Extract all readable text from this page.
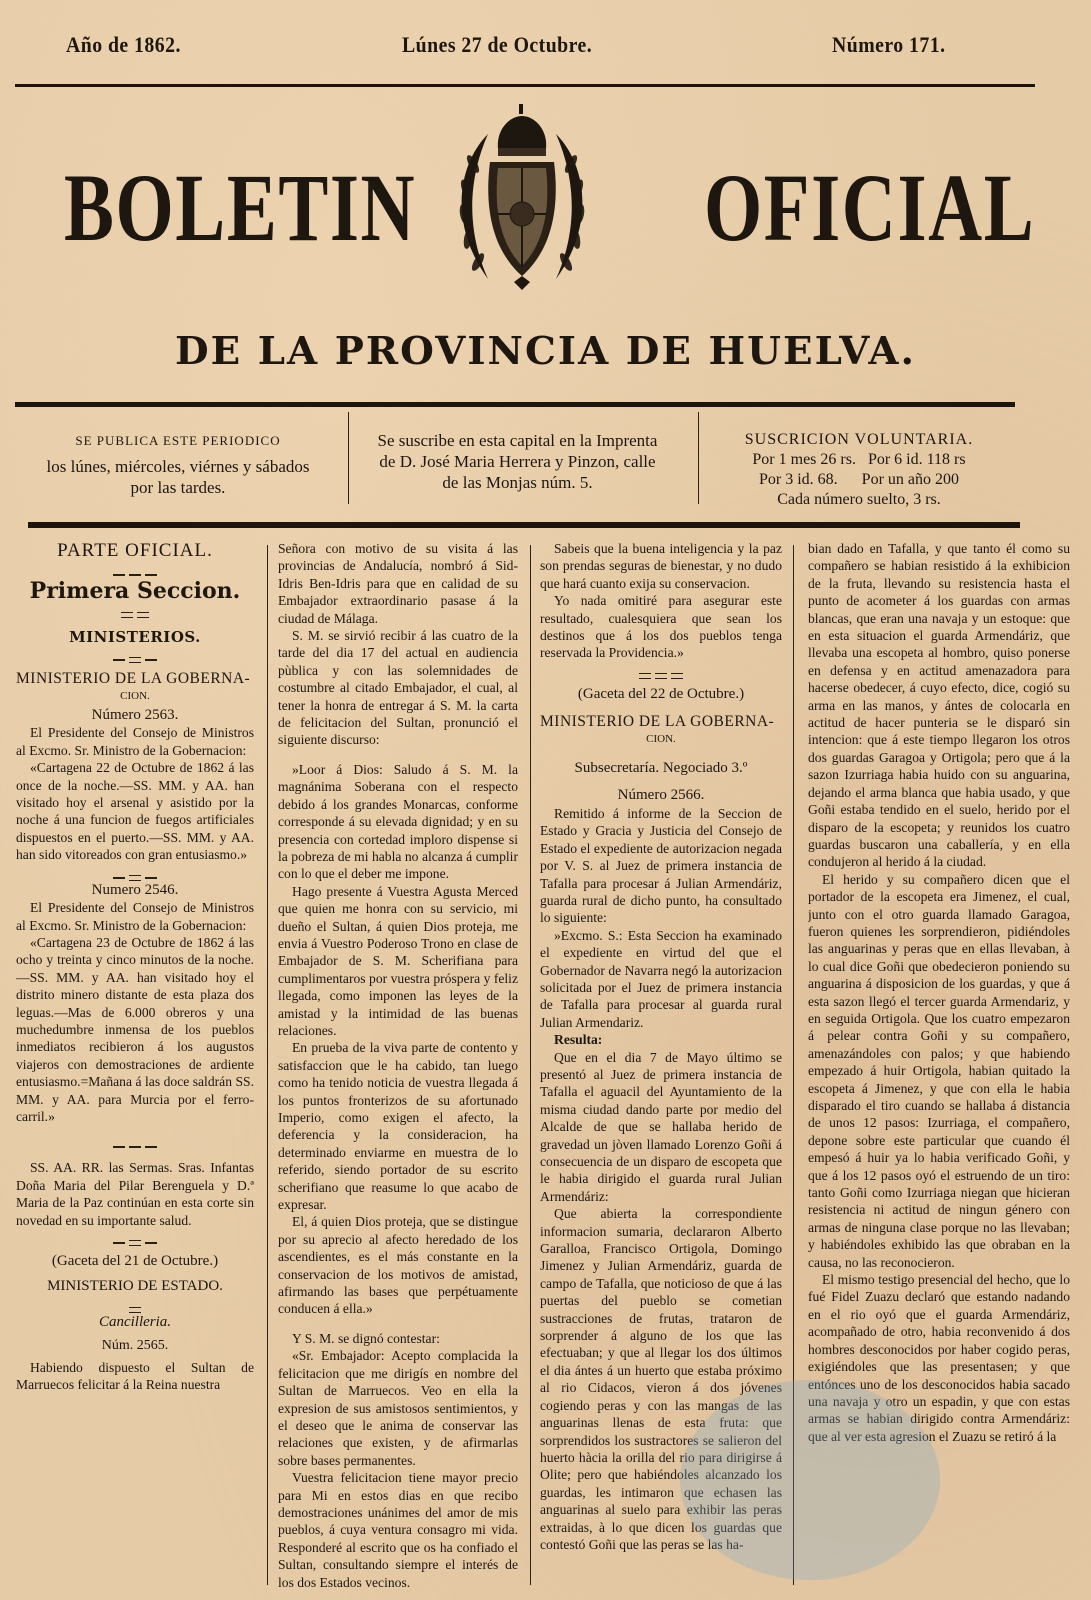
Año de 1862.	Lúnes 27 de Octubre.	Número 171.
BOLETIN	OFICIAL
DE LA PROVINCIA DE HUELVA.
SE PUBLICA ESTE PERIODICO
los lúnes, miércoles, viérnes y sábados
por las tardes.
Se suscribe en esta capital en la Imprenta
de D. José Maria Herrera y Pinzon, calle
de las Monjas núm. 5.
SUSCRICION VOLUNTARIA.
Por 1 mes 26 rs. Por 6 id. 118 rs
Por 3 id. 68. Por un año 200
Cada número suelto, 3 rs.

PARTE OFICIAL.

Primera Seccion.

MINISTERIOS.

MINISTERIO DE LA GOBERNA-

CION.

Número 2563.

El Presidente del Consejo de Ministros al Excmo. Sr. Ministro de la Gobernacion:

«Cartagena 22 de Octubre de 1862 á las once de la noche.—SS. MM. y AA. han visitado hoy el arsenal y asistido por la noche á una funcion de fuegos artificiales dispuestos en el puerto.—SS. MM. y AA. han sido vitoreados con gran entusiasmo.»

Numero 2546.

El Presidente del Consejo de Ministros al Excmo. Sr. Ministro de la Gobernacion:

«Cartagena 23 de Octubre de 1862 á las ocho y treinta y cinco minutos de la noche.—SS. MM. y AA. han visitado hoy el distrito minero distante de esta plaza dos leguas.—Mas de 6.000 obreros y una muchedumbre inmensa de los pueblos inmediatos recibieron á los augustos viajeros con demostraciones de ardiente entusiasmo.=Mañana á las doce saldrán SS. MM. y AA. para Murcia por el ferro-carril.»

SS. AA. RR. las Sermas. Sras. Infantas Doña Maria del Pilar Berenguela y D.ª Maria de la Paz continúan en esta corte sin novedad en su importante salud.

(Gaceta del 21 de Octubre.)

MINISTERIO DE ESTADO.

Cancilleria.

Núm. 2565.

Habiendo dispuesto el Sultan de Marruecos felicitar á la Reina nuestra

Señora con motivo de su visita á las provincias de Andalucía, nombró á Sid-Idris Ben-Idris para que en calidad de su Embajador extraordinario pasase á la ciudad de Málaga.

S. M. se sirvió recibir á las cuatro de la tarde del dia 17 del actual en audiencia pùblica y con las solemnidades de costumbre al citado Embajador, el cual, al tener la honra de entregar á S. M. la carta de felicitacion del Sultan, pronunció el siguiente discurso:

»Loor á Dios: Saludo á S. M. la magnánima Soberana con el respecto debido á los grandes Monarcas, conforme corresponde á su elevada dignidad; y en su presencia con cortedad imploro dispense si la pobreza de mi habla no alcanza á cumplir con lo que el deber me impone.

Hago presente á Vuestra Agusta Merced que quien me honra con su servicio, mi dueño el Sultan, á quien Dios proteja, me envia á Vuestro Poderoso Trono en clase de Embajador de S. M. Scherifiana para cumplimentaros por vuestra próspera y feliz llegada, como imponen las leyes de la amistad y la intimidad de las buenas relaciones.

En prueba de la viva parte de contento y satisfaccion que le ha cabido, tan luego como ha tenido noticia de vuestra llegada á los puntos fronterizos de su afortunado Imperio, como exigen el afecto, la deferencia y la consideracion, ha determinado enviarme en muestra de lo referido, siendo portador de su escrito scherifiano que reasume lo que acabo de expresar.

El, á quien Dios proteja, que se distingue por su aprecio al afecto heredado de los ascendientes, es el más constante en la conservacion de los motivos de amistad, afirmando las bases que perpétuamente conducen á ella.»

Y S. M. se dignó contestar:

«Sr. Embajador: Acepto complacida la felicitacion que me dirigís en nombre del Sultan de Marruecos. Veo en ella la expresion de sus amistosos sentimientos, y el deseo que le anima de conservar las relaciones que existen, y de afirmarlas sobre bases permanentes.

Vuestra felicitacion tiene mayor precio para Mi en estos dias en que recibo demostraciones unánimes del amor de mis pueblos, á cuya ventura consagro mi vida. Responderé al escrito que os ha confiado el Sultan, consultando siempre el interés de los dos Estados vecinos.

Sabeis que la buena inteligencia y la paz son prendas seguras de bienestar, y no dudo que hará cuanto exija su conservacion.

Yo nada omitiré para asegurar este resultado, cualesquiera que sean los destinos que á los dos pueblos tenga reservada la Providencia.»

(Gaceta del 22 de Octubre.)

MINISTERIO DE LA GOBERNA-

CION.

Subsecretaría. Negociado 3.º

Número 2566.

Remitido á informe de la Seccion de Estado y Gracia y Justicia del Consejo de Estado el expediente de autorizacion negada por V. S. al Juez de primera instancia de Tafalla para procesar á Julian Armendáriz, guarda rural de dicho punto, ha consultado lo siguiente:

»Excmo. S.: Esta Seccion ha examinado el expediente en virtud del que el Gobernador de Navarra negó la autorizacion solicitada por el Juez de primera instancia de Tafalla para procesar al guarda rural Julian Armendariz.

Resulta:

Que en el dia 7 de Mayo último se presentó al Juez de primera instancia de Tafalla el aguacil del Ayuntamiento de la misma ciudad dando parte por medio del Alcalde de que se hallaba herido de gravedad un jòven llamado Lorenzo Goñi á consecuencia de un disparo de escopeta que le habia dirigido el guarda rural Julian Armendáriz:

Que abierta la correspondiente informacion sumaria, declararon Alberto Garalloa, Francisco Ortigola, Domingo Jimenez y Julian Armendáriz, guarda de campo de Tafalla, que noticioso de que á las puertas del pueblo se cometian sustracciones de frutas, trataron de sorprender á alguno de los que las efectuaban; y que al llegar los dos últimos el dia ántes á un huerto que estaba próximo al rio Cidacos, vieron á dos jóvenes cogiendo peras y con las mangas de las anguarinas llenas de esta fruta: que sorprendidos los sustractores se salieron del huerto hàcia la orilla del rio para dirigirse á Olite; pero que habiéndoles alcanzado los guardas, les intimaron que echasen las anguarinas al suelo para exhibir las peras extraidas, à lo que dicen los guardas que contestó Goñi que las peras se las ha-

bian dado en Tafalla, y que tanto él como su compañero se habian resistido á la exhibicion de la fruta, llevando su resistencia hasta el punto de acometer á los guardas con armas blancas, que eran una navaja y un estoque: que en esta situacion el guarda Armendáriz, que llevaba una escopeta al hombro, quiso ponerse en defensa y en actitud amenazadora para hacerse obedecer, á cuyo efecto, dice, cogió su arma en las manos, y ántes de colocarla en actitud de hacer punteria se le disparó sin intencion: que á este tiempo llegaron los otros dos guardas Garagoa y Ortigola; pero que á la sazon Izurriaga habia huido con su anguarina, dejando el arma blanca que habia usado, y que Goñi estaba tendido en el suelo, herido por el disparo de la escopeta; y reunidos los cuatro guardas buscaron una caballería, y en ella condujeron al herido á la ciudad.

El herido y su compañero dicen que el portador de la escopeta era Jimenez, el cual, junto con el otro guarda llamado Garagoa, fueron quienes les sorprendieron, pidiéndoles las anguarinas y peras que en ellas llevaban, à lo cual dice Goñi que obedecieron poniendo su anguarina á disposicion de los guardas, y que á esta sazon llegó el tercer guarda Armendariz, y en seguida Ortigola. Que los cuatro empezaron á pelear contra Goñi y su compañero, amenazándoles con palos; y que habiendo empezado á huir Ortigola, habian quitado la escopeta á Jimenez, y que con ella le habia disparado el tiro cuando se hallaba á distancia de unos 12 pasos: Izurriaga, el compañero, depone sobre este particular que cuando él empesó á huir ya lo habia verificado Goñi, y que á los 12 pasos oyó el estruendo de un tiro: tanto Goñi como Izurriaga niegan que hicieran resistencia ni actitud de ningun género con armas de ninguna clase porque no las llevaban; y habiéndoles exhibido las que obraban en la causa, no las reconocieron.

El mismo testigo presencial del hecho, que lo fué Fidel Zuazu declaró que estando nadando en el rio oyó que el guarda Armendáriz, acompañado de otro, habia reconvenido á dos hombres desconocidos por haber cogido peras, exigiéndoles que las presentasen; y que entónces uno de los desconocidos habia sacado una navaja y otro un espadin, y que con estas armas se habian dirigido contra Armendáriz: que al ver esta agresion el Zuazu se retiró á la
